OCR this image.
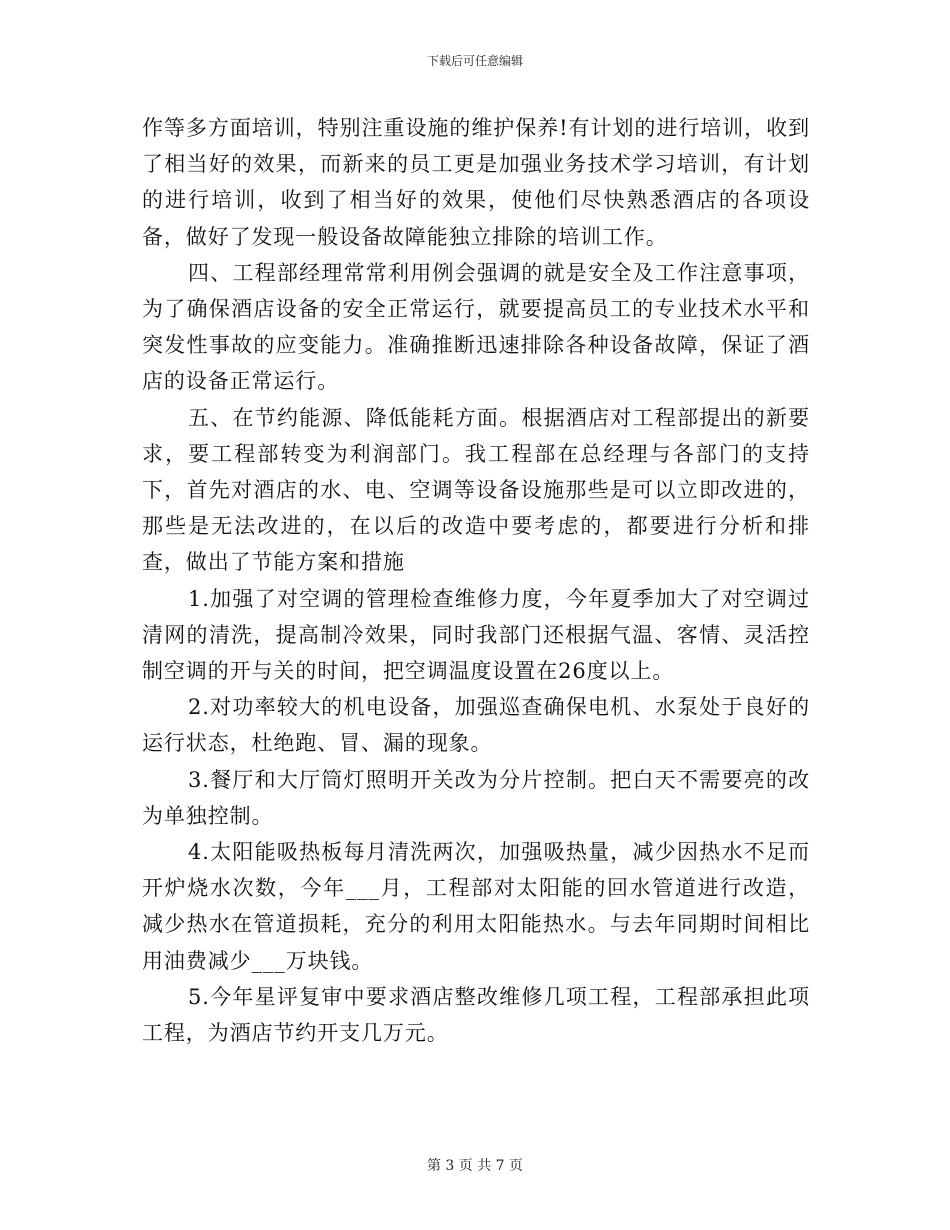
下载后可任意编辑

作等多方面培训，特别注重设施的维护保养!有计划的进行培训，收到了相当好的效果，而新来的员工更是加强业务技术学习培训，有计划的进行培训，收到了相当好的效果，使他们尽快熟悉酒店的各项设备，做好了发现一般设备故障能独立排除的培训工作。

四、工程部经理常常利用例会强调的就是安全及工作注意事项，为了确保酒店设备的安全正常运行，就要提高员工的专业技术水平和突发性事故的应变能力。准确推断迅速排除各种设备故障，保证了酒店的设备正常运行。

五、在节约能源、降低能耗方面。根据酒店对工程部提出的新要求，要工程部转变为利润部门。我工程部在总经理与各部门的支持下，首先对酒店的水、电、空调等设备设施那些是可以立即改进的，那些是无法改进的，在以后的改造中要考虑的，都要进行分析和排查，做出了节能方案和措施

1.加强了对空调的管理检查维修力度，今年夏季加大了对空调过清网的清洗，提高制冷效果，同时我部门还根据气温、客情、灵活控制空调的开与关的时间，把空调温度设置在26度以上。

2.对功率较大的机电设备，加强巡查确保电机、水泵处于良好的运行状态，杜绝跑、冒、漏的现象。

3.餐厅和大厅筒灯照明开关改为分片控制。把白天不需要亮的改为单独控制。

4.太阳能吸热板每月清洗两次，加强吸热量，减少因热水不足而开炉烧水次数，今年___月，工程部对太阳能的回水管道进行改造，减少热水在管道损耗，充分的利用太阳能热水。与去年同期时间相比用油费减少___万块钱。

5.今年星评复审中要求酒店整改维修几项工程，工程部承担此项工程，为酒店节约开支几万元。

第 3 页 共 7 页
